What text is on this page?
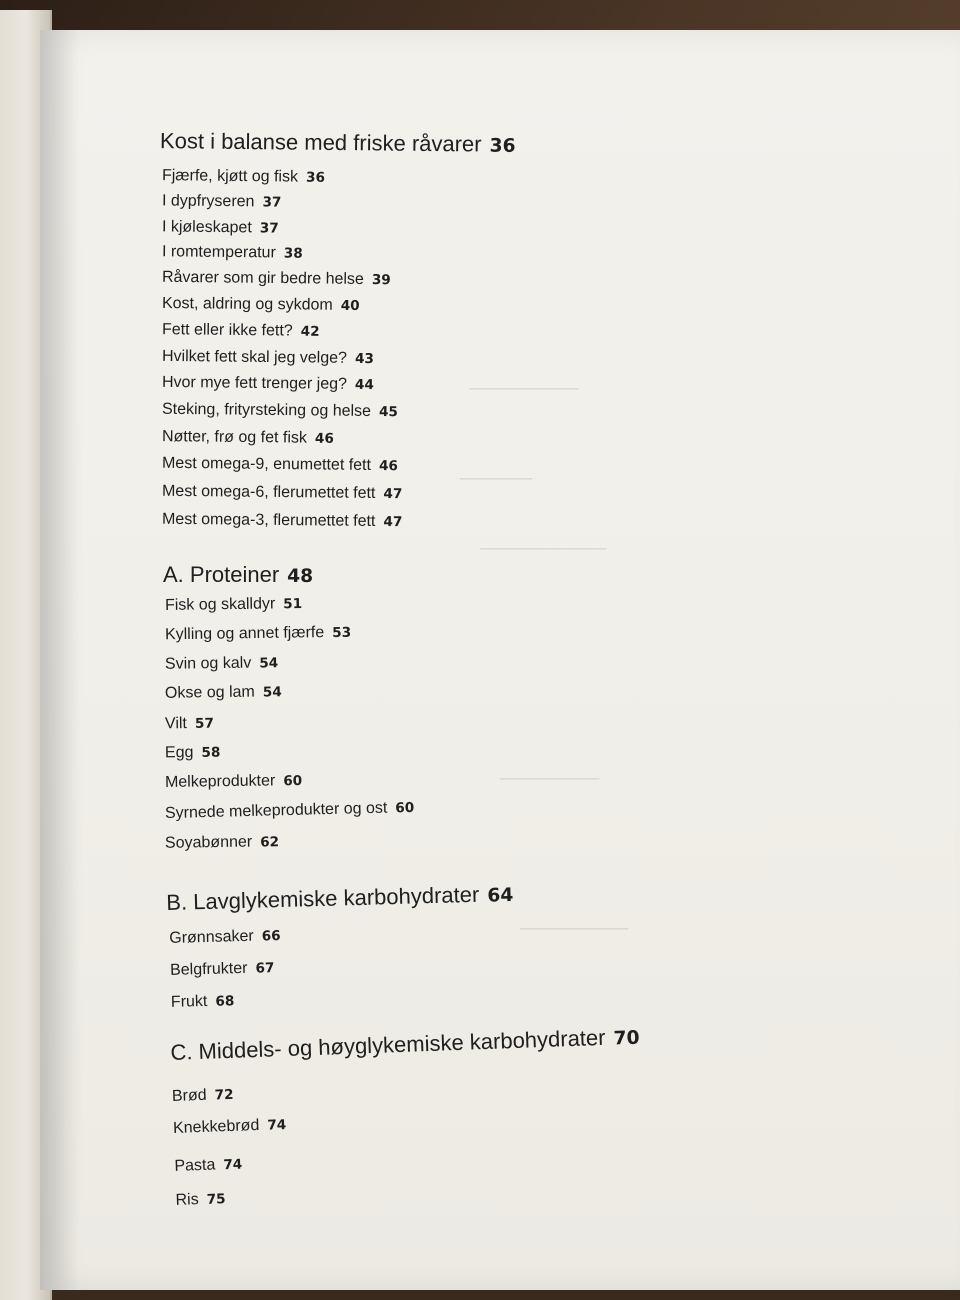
────────────
────────
──────────────
───────────
────────────
Kost i balanse med friske råvarer 36
Fjærfe, kjøtt og fisk 36
I dypfryseren 37
I kjøleskapet 37
I romtemperatur 38
Råvarer som gir bedre helse 39
Kost, aldring og sykdom 40
Fett eller ikke fett? 42
Hvilket fett skal jeg velge? 43
Hvor mye fett trenger jeg? 44
Steking, frityrsteking og helse 45
Nøtter, frø og fet fisk 46
Mest omega-9, enumettet fett 46
Mest omega-6, flerumettet fett 47
Mest omega-3, flerumettet fett 47
A. Proteiner 48
Fisk og skalldyr 51
Kylling og annet fjærfe 53
Svin og kalv 54
Okse og lam 54
Vilt 57
Egg 58
Melkeprodukter 60
Syrnede melkeprodukter og ost 60
Soyabønner 62
B. Lavglykemiske karbohydrater 64
Grønnsaker 66
Belgfrukter 67
Frukt 68
C. Middels- og høyglykemiske karbohydrater 70
Brød 72
Knekkebrød 74
Pasta 74
Ris 75
